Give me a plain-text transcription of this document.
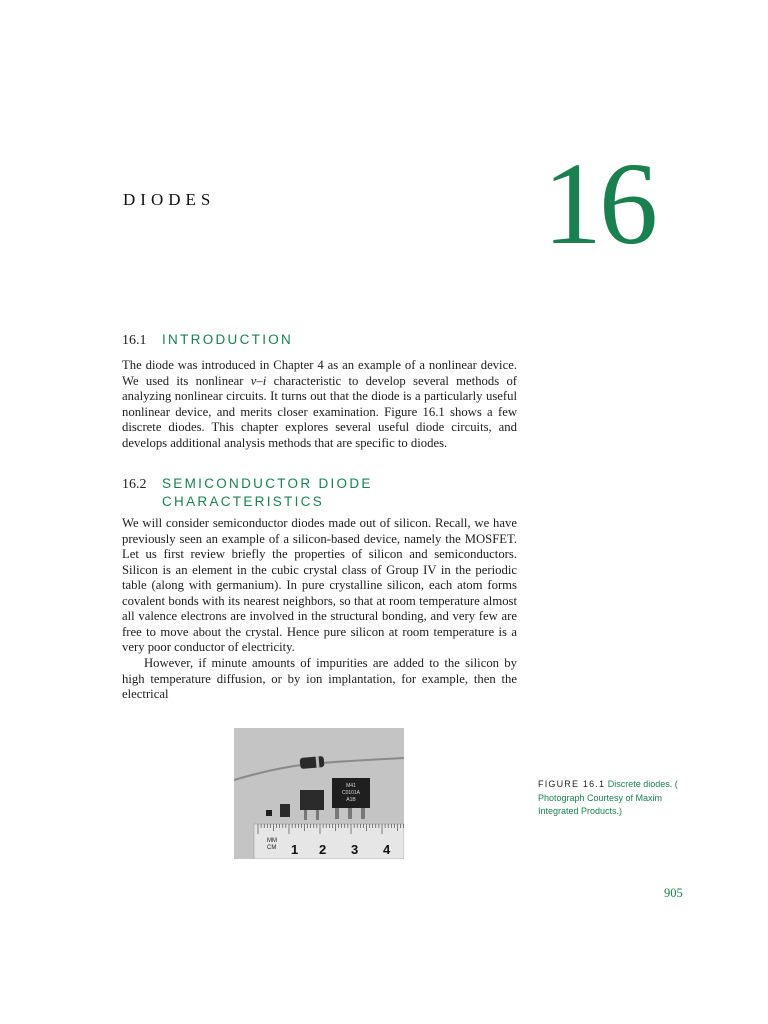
DIODES	16
16.1 INTRODUCTION

The diode was introduced in Chapter 4 as an example of a nonlinear device. We used its nonlinear v–i characteristic to develop several methods of analyzing nonlinear circuits. It turns out that the diode is a particularly useful nonlinear device, and merits closer examination. Figure 16.1 shows a few discrete diodes. This chapter explores several useful diode circuits, and develops additional analysis methods that are specific to diodes.

16.2 SEMICONDUCTOR DIODE
CHARACTERISTICS

We will consider semiconductor diodes made out of silicon. Recall, we have previously seen an example of a silicon-based device, namely the MOSFET. Let us first review briefly the properties of silicon and semiconductors. Silicon is an element in the cubic crystal class of Group IV in the periodic table (along with germanium). In pure crystalline silicon, each atom forms covalent bonds with its nearest neighbors, so that at room temperature almost all valence electrons are involved in the structural bonding, and very few are free to move about the crystal. Hence pure silicon at room temperature is a very poor conductor of electricity.

However, if minute amounts of impurities are added to the silicon by high temperature diffusion, or by ion implantation, for example, then the electrical

M41
C0101A
A1B
MM
CM 1 2 3 4
FIGURE 16.1 Discrete diodes. ( Photograph Courtesy of Maxim Integrated Products.)
905
